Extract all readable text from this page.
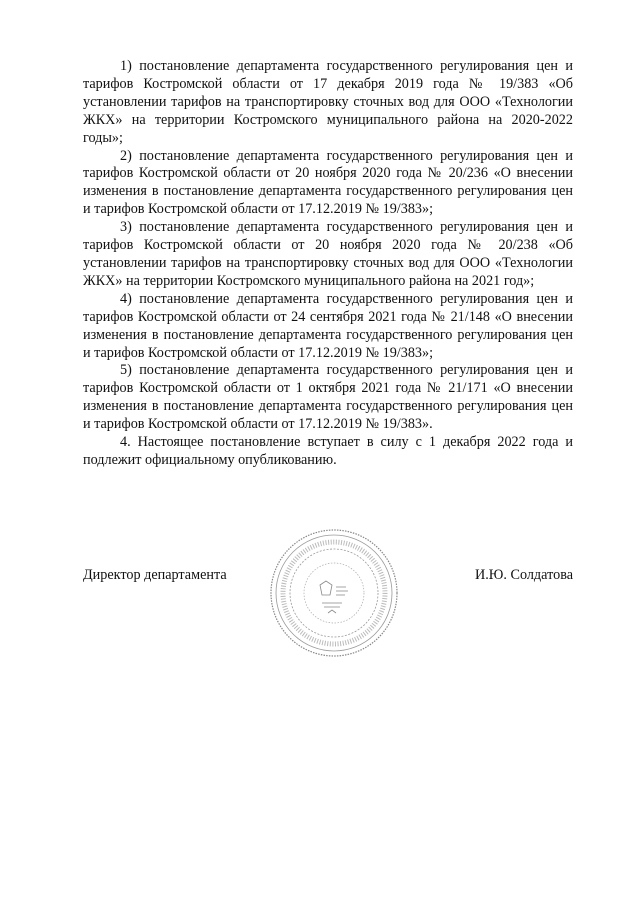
1) постановление департамента государственного регулирования цен и тарифов Костромской области от 17 декабря 2019 года № 19/383 «Об установлении тарифов на транспортировку сточных вод для ООО «Технологии ЖКХ» на территории Костромского муниципального района на 2020-2022 годы»;

2) постановление департамента государственного регулирования цен и тарифов Костромской области от 20 ноября 2020 года № 20/236 «О внесении изменения в постановление департамента государственного регулирования цен и тарифов Костромской области от 17.12.2019 № 19/383»;

3) постановление департамента государственного регулирования цен и тарифов Костромской области от 20 ноября 2020 года № 20/238 «Об установлении тарифов на транспортировку сточных вод для ООО «Технологии ЖКХ» на территории Костромского муниципального района на 2021 год»;

4) постановление департамента государственного регулирования цен и тарифов Костромской области от 24 сентября 2021 года № 21/148 «О внесении изменения в постановление департамента государственного регулирования цен и тарифов Костромской области от 17.12.2019 № 19/383»;

5) постановление департамента государственного регулирования цен и тарифов Костромской области от 1 октября 2021 года № 21/171 «О внесении изменения в постановление департамента государственного регулирования цен и тарифов Костромской области от 17.12.2019 № 19/383».

4. Настоящее постановление вступает в силу с 1 декабря 2022 года и подлежит официальному опубликованию.

Директор департамента	И.Ю. Солдатова
